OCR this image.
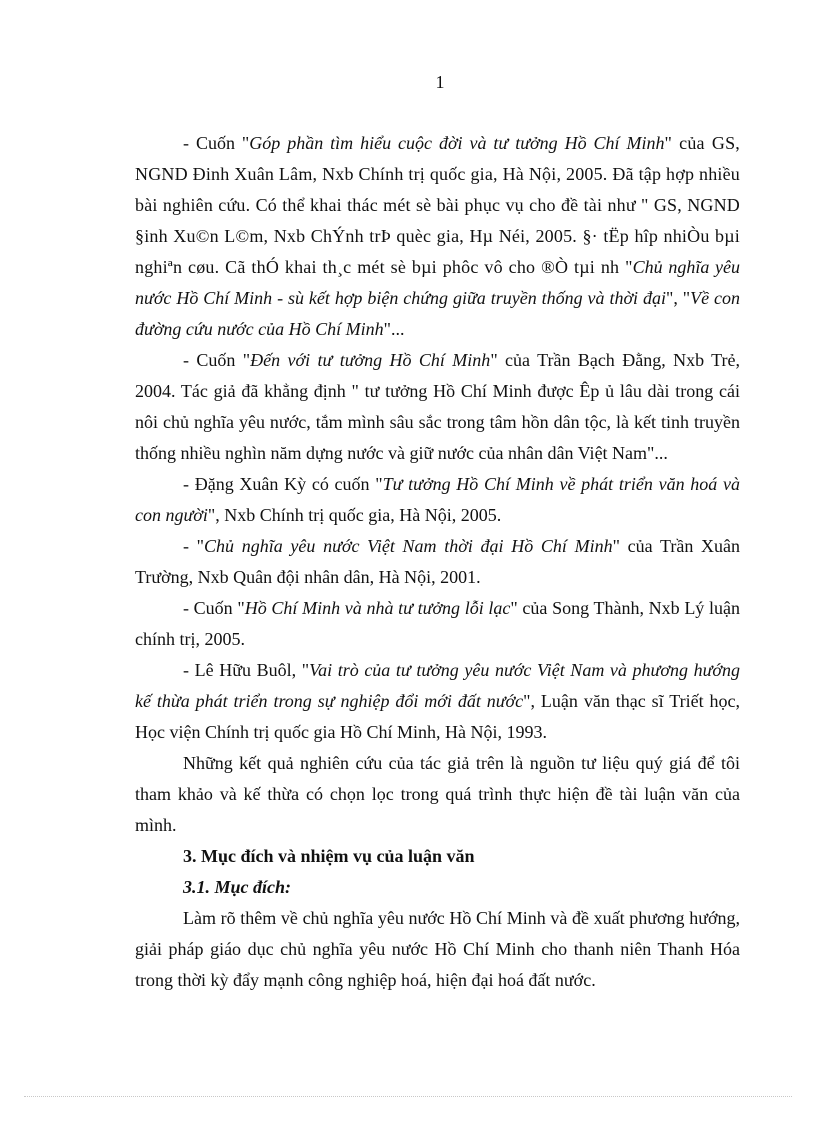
1

- Cuốn "Góp phần tìm hiểu cuộc đời và tư tưởng Hồ Chí Minh" của GS, NGND Đinh Xuân Lâm, Nxb Chính trị quốc gia, Hà Nội, 2005. Đã tập hợp nhiều bài nghiên cứu. Có thể khai thác mét sè bài phục vụ cho đề tài như " GS, NGND §inh Xu©n L©m, Nxb ChÝnh trÞ quèc gia, Hµ Néi, 2005. §· tËp hîp nhiÒu bµi nghiªn cøu. Cã thÓ khai th¸c mét sè bµi phôc vô cho ®Ò tµi nh "Chủ nghĩa yêu nước Hồ Chí Minh - sù kết hợp biện chứng giữa truyền thống và thời đại", "Về con đường cứu nước của Hồ Chí Minh"...

- Cuốn "Đến với tư tưởng Hồ Chí Minh" của Trần Bạch Đằng, Nxb Trẻ, 2004. Tác giả đã khẳng định " tư tưởng Hồ Chí Minh được Êp ủ lâu dài trong cái nôi chủ nghĩa yêu nước, tắm mình sâu sắc trong tâm hồn dân tộc, là kết tinh truyền thống nhiều nghìn năm dựng nước và giữ nước của nhân dân Việt Nam"...

- Đặng Xuân Kỳ có cuốn "Tư tưởng Hồ Chí Minh về phát triển văn hoá và con người", Nxb Chính trị quốc gia, Hà Nội, 2005.

- "Chủ nghĩa yêu nước Việt Nam thời đại Hồ Chí Minh" của Trần Xuân Trường, Nxb Quân đội nhân dân, Hà Nội, 2001.

- Cuốn "Hồ Chí Minh và nhà tư tưởng lỗi lạc" của Song Thành, Nxb Lý luận chính trị, 2005.

- Lê Hữu Buôl, "Vai trò của tư tưởng yêu nước Việt Nam và phương hướng kế thừa phát triển trong sự nghiệp đổi mới đất nước", Luận văn thạc sĩ Triết học, Học viện Chính trị quốc gia Hồ Chí Minh, Hà Nội, 1993.

Những kết quả nghiên cứu của tác giả trên là nguồn tư liệu quý giá để tôi tham khảo và kế thừa có chọn lọc trong quá trình thực hiện đề tài luận văn của mình.

3. Mục đích và nhiệm vụ của luận văn

3.1. Mục đích:

Làm rõ thêm về chủ nghĩa yêu nước Hồ Chí Minh và đề xuất phương hướng, giải pháp giáo dục chủ nghĩa yêu nước Hồ Chí Minh cho thanh niên Thanh Hóa trong thời kỳ đẩy mạnh công nghiệp hoá, hiện đại hoá đất nước.
